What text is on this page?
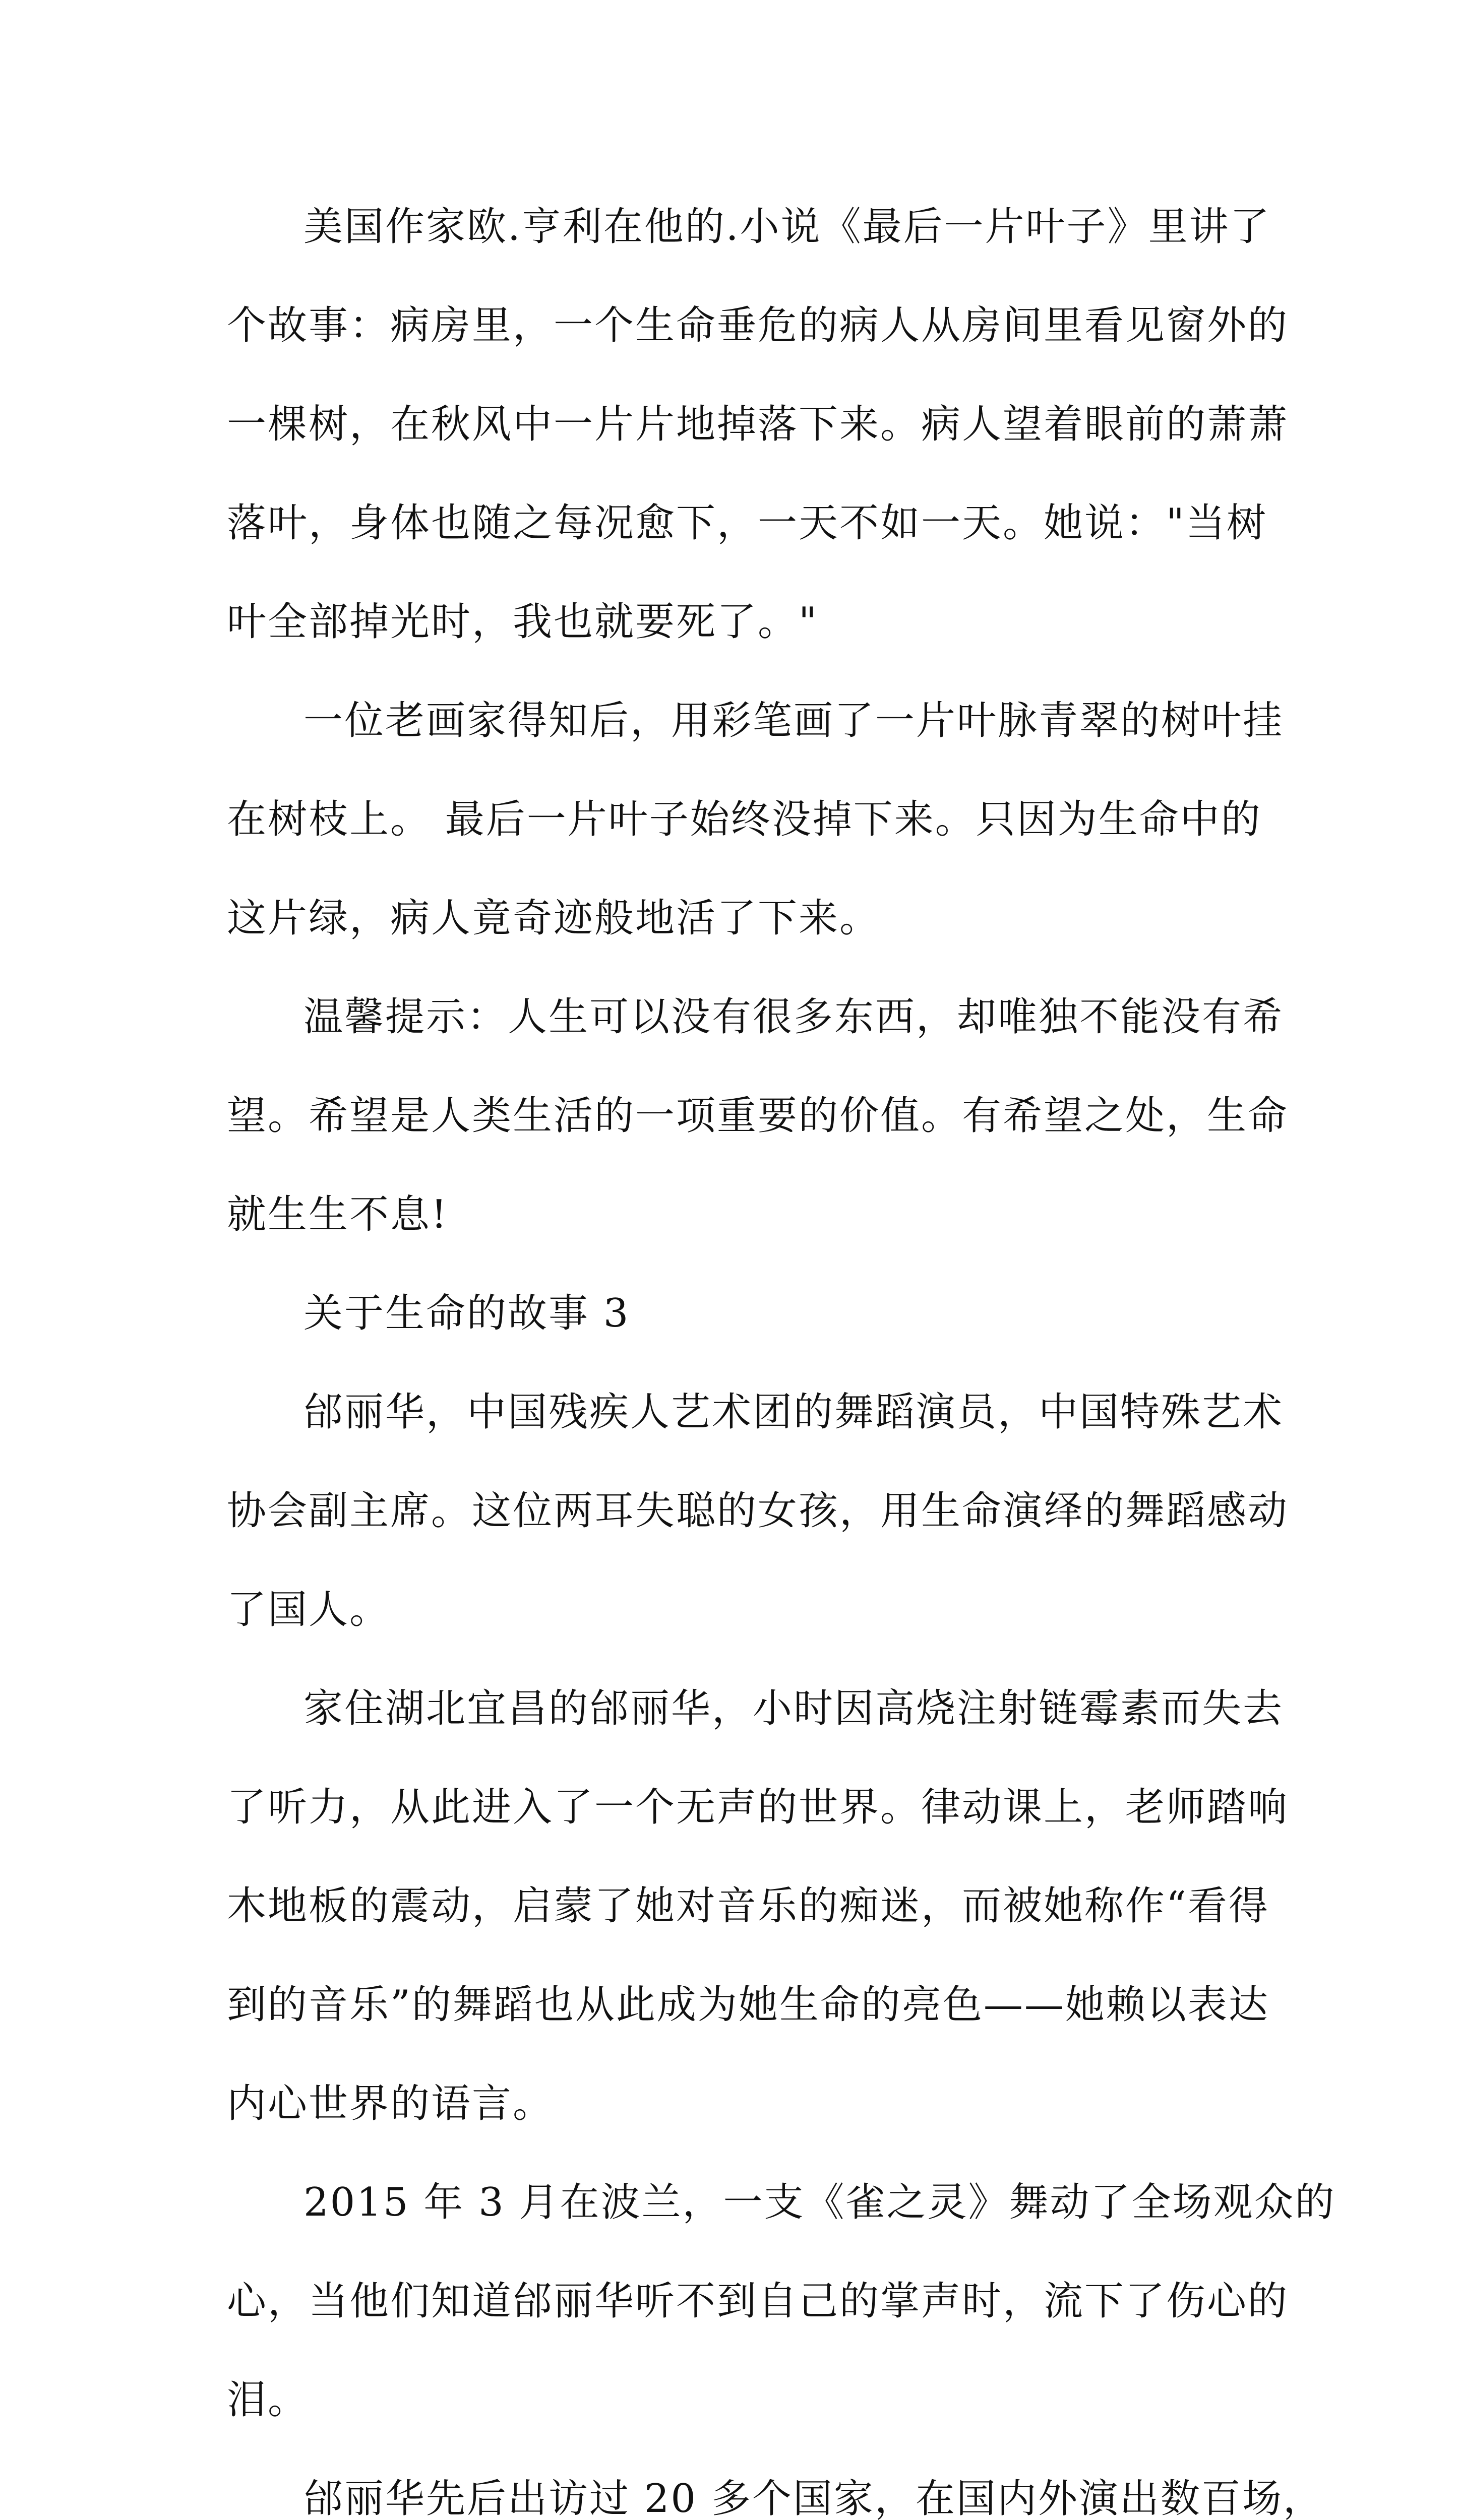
美国作家欧.亨利在他的.小说《最后一片叶子》里讲了
个故事：病房里，一个生命垂危的病人从房间里看见窗外的
一棵树，在秋风中一片片地掉落下来。病人望着眼前的萧萧
落叶，身体也随之每况愈下，一天不如一天。她说："当树
叶全部掉光时，我也就要死了。"
一位老画家得知后，用彩笔画了一片叶脉青翠的树叶挂
在树枝上。 最后一片叶子始终没掉下来。只因为生命中的
这片绿，病人竟奇迹般地活了下来。
温馨提示：人生可以没有很多东西，却唯独不能没有希
望。希望是人类生活的一项重要的价值。有希望之处，生命
就生生不息!
关于生命的故事 3
邰丽华，中国残疾人艺术团的舞蹈演员，中国特殊艺术
协会副主席。这位两耳失聪的女孩，用生命演绎的舞蹈感动
了国人。
家住湖北宜昌的邰丽华，小时因高烧注射链霉素而失去
了听力，从此进入了一个无声的世界。律动课上，老师踏响
木地板的震动，启蒙了她对音乐的痴迷，而被她称作“看得
到的音乐”的舞蹈也从此成为她生命的亮色——她赖以表达
内心世界的语言。
2015 年 3 月在波兰，一支《雀之灵》舞动了全场观众的
心，当他们知道邰丽华听不到自己的掌声时，流下了伤心的
泪。
邰丽华先后出访过 20 多个国家，在国内外演出数百场，
